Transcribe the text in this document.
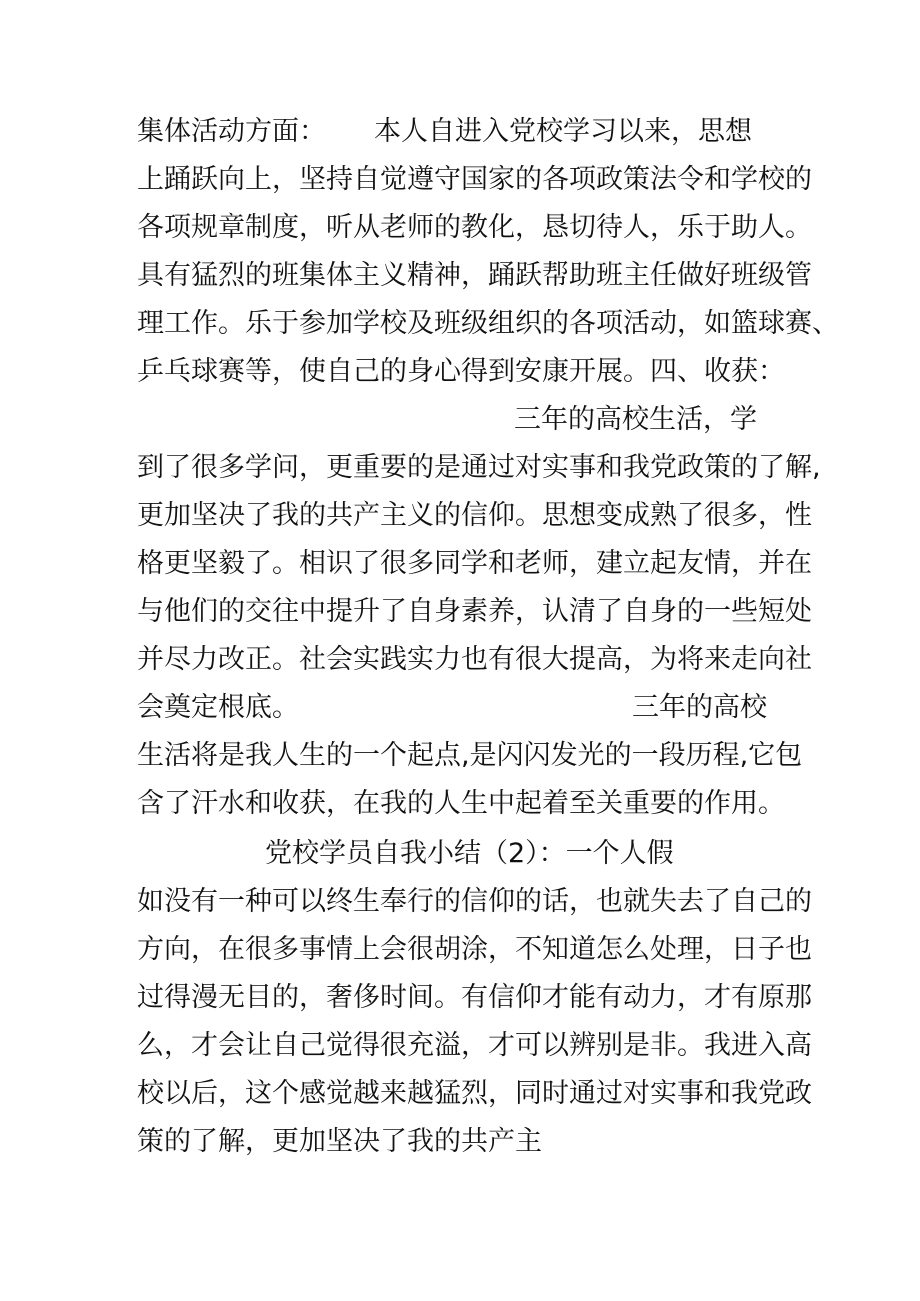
集体活动方面： 本人自进入党校学习以来，思想
上踊跃向上，坚持自觉遵守国家的各项政策法令和学校的
各项规章制度，听从老师的教化，恳切待人，乐于助人。
具有猛烈的班集体主义精神，踊跃帮助班主任做好班级管
理工作。乐于参加学校及班级组织的各项活动，如篮球赛、
乒乓球赛等，使自己的身心得到安康开展。四、收获：
三年的高校生活，学
到了很多学问，更重要的是通过对实事和我党政策的了解,
更加坚决了我的共产主义的信仰。思想变成熟了很多，性
格更坚毅了。相识了很多同学和老师，建立起友情，并在
与他们的交往中提升了自身素养，认清了自身的一些短处
并尽力改正。社会实践实力也有很大提高，为将来走向社
会奠定根底。	三年的高校
生活将是我人生的一个起点,是闪闪发光的一段历程,它包
含了汗水和收获，在我的人生中起着至关重要的作用。
党校学员自我小结（2）：一个人假
如没有一种可以终生奉行的信仰的话，也就失去了自己的
方向，在很多事情上会很胡涂，不知道怎么处理，日子也
过得漫无目的，奢侈时间。有信仰才能有动力，才有原那
么，才会让自己觉得很充溢，才可以辨别是非。我进入高
校以后，这个感觉越来越猛烈，同时通过对实事和我党政
策的了解，更加坚决了我的共产主
